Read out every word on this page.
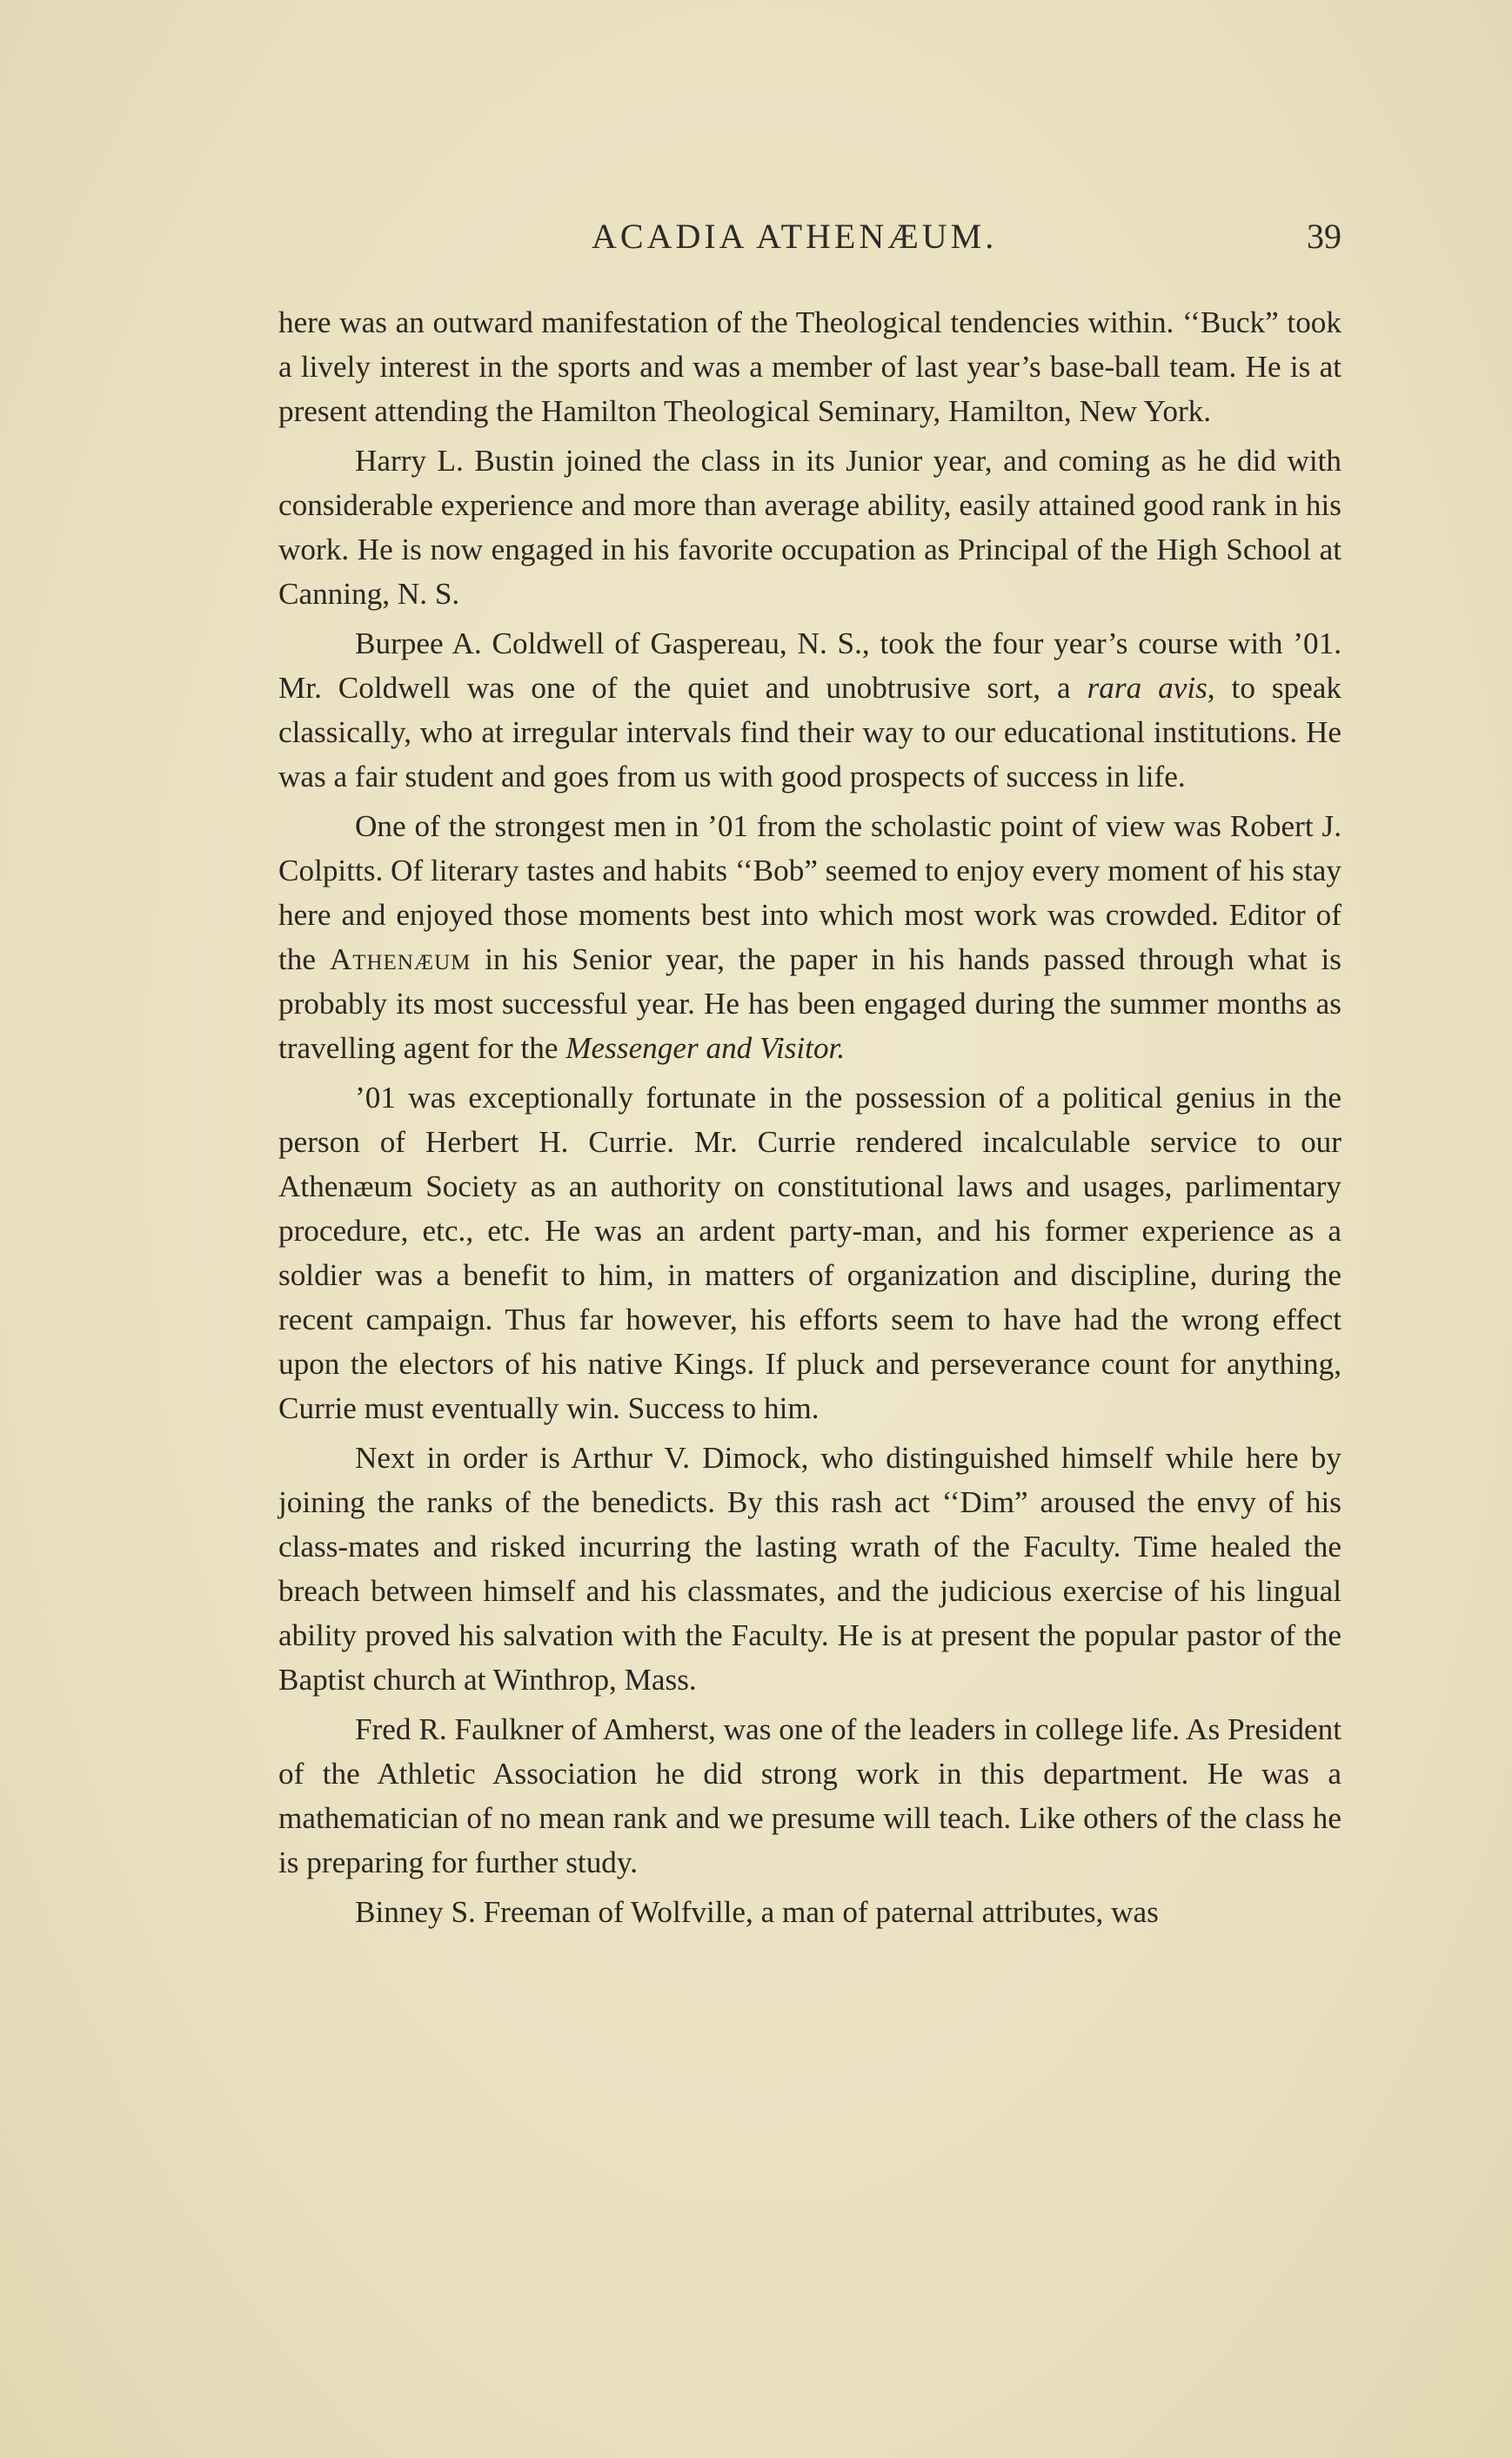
ACADIA ATHENÆUM.	39

here was an outward manifestation of the Theological tendencies within. ‘‘Buck” took a lively interest in the sports and was a member of last year’s base-ball team. He is at present attending the Hamilton Theological Seminary, Hamilton, New York.

Harry L. Bustin joined the class in its Junior year, and coming as he did with considerable experience and more than average ability, easily attained good rank in his work. He is now engaged in his favorite occupation as Principal of the High School at Canning, N. S.

Burpee A. Coldwell of Gaspereau, N. S., took the four year’s course with ’01. Mr. Coldwell was one of the quiet and unobtrusive sort, a rara avis, to speak classically, who at irregular intervals find their way to our educational institutions. He was a fair student and goes from us with good prospects of success in life.

One of the strongest men in ’01 from the scholastic point of view was Robert J. Colpitts. Of literary tastes and habits ‘‘Bob” seemed to enjoy every moment of his stay here and enjoyed those moments best into which most work was crowded. Editor of the Athenæum in his Senior year, the paper in his hands passed through what is probably its most successful year. He has been engaged during the summer months as travelling agent for the Messenger and Visitor.

’01 was exceptionally fortunate in the possession of a political genius in the person of Herbert H. Currie. Mr. Currie rendered incalculable service to our Athenæum Society as an authority on constitutional laws and usages, parlimentary procedure, etc., etc. He was an ardent party-man, and his former experience as a soldier was a benefit to him, in matters of organization and discipline, during the recent campaign. Thus far however, his efforts seem to have had the wrong effect upon the electors of his native Kings. If pluck and perseverance count for anything, Currie must eventually win. Success to him.

Next in order is Arthur V. Dimock, who distinguished himself while here by joining the ranks of the benedicts. By this rash act ‘‘Dim” aroused the envy of his class-mates and risked incurring the lasting wrath of the Faculty. Time healed the breach between himself and his classmates, and the judicious exercise of his lingual ability proved his salvation with the Faculty. He is at present the popular pastor of the Baptist church at Winthrop, Mass.

Fred R. Faulkner of Amherst, was one of the leaders in college life. As President of the Athletic Association he did strong work in this department. He was a mathematician of no mean rank and we presume will teach. Like others of the class he is preparing for further study.

Binney S. Freeman of Wolfville, a man of paternal attributes, was
